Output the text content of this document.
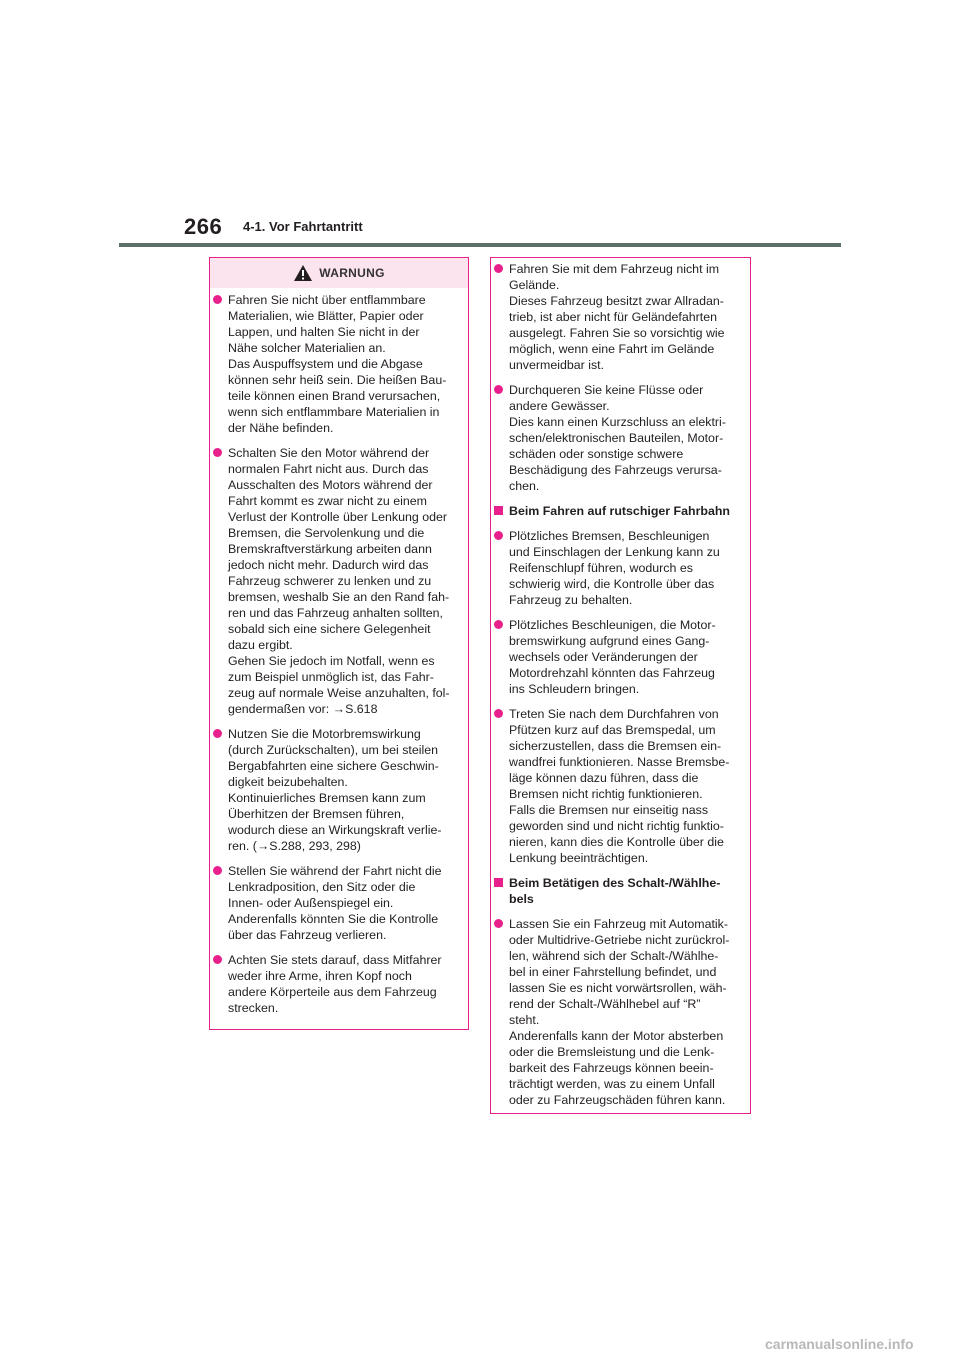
266 4-1. Vor Fahrtantritt
WARNUNG
Fahren Sie nicht über entflammbare
Materialien, wie Blätter, Papier oder
Lappen, und halten Sie nicht in der
Nähe solcher Materialien an.
Das Auspuffsystem und die Abgase
können sehr heiß sein. Die heißen Bau-
teile können einen Brand verursachen,
wenn sich entflammbare Materialien in
der Nähe befinden.
Schalten Sie den Motor während der
normalen Fahrt nicht aus. Durch das
Ausschalten des Motors während der
Fahrt kommt es zwar nicht zu einem
Verlust der Kontrolle über Lenkung oder
Bremsen, die Servolenkung und die
Bremskraftverstärkung arbeiten dann
jedoch nicht mehr. Dadurch wird das
Fahrzeug schwerer zu lenken und zu
bremsen, weshalb Sie an den Rand fah-
ren und das Fahrzeug anhalten sollten,
sobald sich eine sichere Gelegenheit
dazu ergibt.
Gehen Sie jedoch im Notfall, wenn es
zum Beispiel unmöglich ist, das Fahr-
zeug auf normale Weise anzuhalten, fol-
gendermaßen vor: →S.618
Nutzen Sie die Motorbremswirkung
(durch Zurückschalten), um bei steilen
Bergabfahrten eine sichere Geschwin-
digkeit beizubehalten.
Kontinuierliches Bremsen kann zum
Überhitzen der Bremsen führen,
wodurch diese an Wirkungskraft verlie-
ren. (→S.288, 293, 298)
Stellen Sie während der Fahrt nicht die
Lenkradposition, den Sitz oder die
Innen- oder Außenspiegel ein.
Anderenfalls könnten Sie die Kontrolle
über das Fahrzeug verlieren.
Achten Sie stets darauf, dass Mitfahrer
weder ihre Arme, ihren Kopf noch
andere Körperteile aus dem Fahrzeug
strecken.
Fahren Sie mit dem Fahrzeug nicht im
Gelände.
Dieses Fahrzeug besitzt zwar Allradan-
trieb, ist aber nicht für Geländefahrten
ausgelegt. Fahren Sie so vorsichtig wie
möglich, wenn eine Fahrt im Gelände
unvermeidbar ist.
Durchqueren Sie keine Flüsse oder
andere Gewässer.
Dies kann einen Kurzschluss an elektri-
schen/elektronischen Bauteilen, Motor-
schäden oder sonstige schwere
Beschädigung des Fahrzeugs verursa-
chen.
Beim Fahren auf rutschiger Fahrbahn
Plötzliches Bremsen, Beschleunigen
und Einschlagen der Lenkung kann zu
Reifenschlupf führen, wodurch es
schwierig wird, die Kontrolle über das
Fahrzeug zu behalten.
Plötzliches Beschleunigen, die Motor-
bremswirkung aufgrund eines Gang-
wechsels oder Veränderungen der
Motordrehzahl könnten das Fahrzeug
ins Schleudern bringen.
Treten Sie nach dem Durchfahren von
Pfützen kurz auf das Bremspedal, um
sicherzustellen, dass die Bremsen ein-
wandfrei funktionieren. Nasse Bremsbe-
läge können dazu führen, dass die
Bremsen nicht richtig funktionieren.
Falls die Bremsen nur einseitig nass
geworden sind und nicht richtig funktio-
nieren, kann dies die Kontrolle über die
Lenkung beeinträchtigen.
Beim Betätigen des Schalt-/Wählhe-
bels
Lassen Sie ein Fahrzeug mit Automatik-
oder Multidrive-Getriebe nicht zurückrol-
len, während sich der Schalt-/Wählhe-
bel in einer Fahrstellung befindet, und
lassen Sie es nicht vorwärtsrollen, wäh-
rend der Schalt-/Wählhebel auf “R”
steht.
Anderenfalls kann der Motor absterben
oder die Bremsleistung und die Lenk-
barkeit des Fahrzeugs können beein-
trächtigt werden, was zu einem Unfall
oder zu Fahrzeugschäden führen kann.
carmanualsonline.info
